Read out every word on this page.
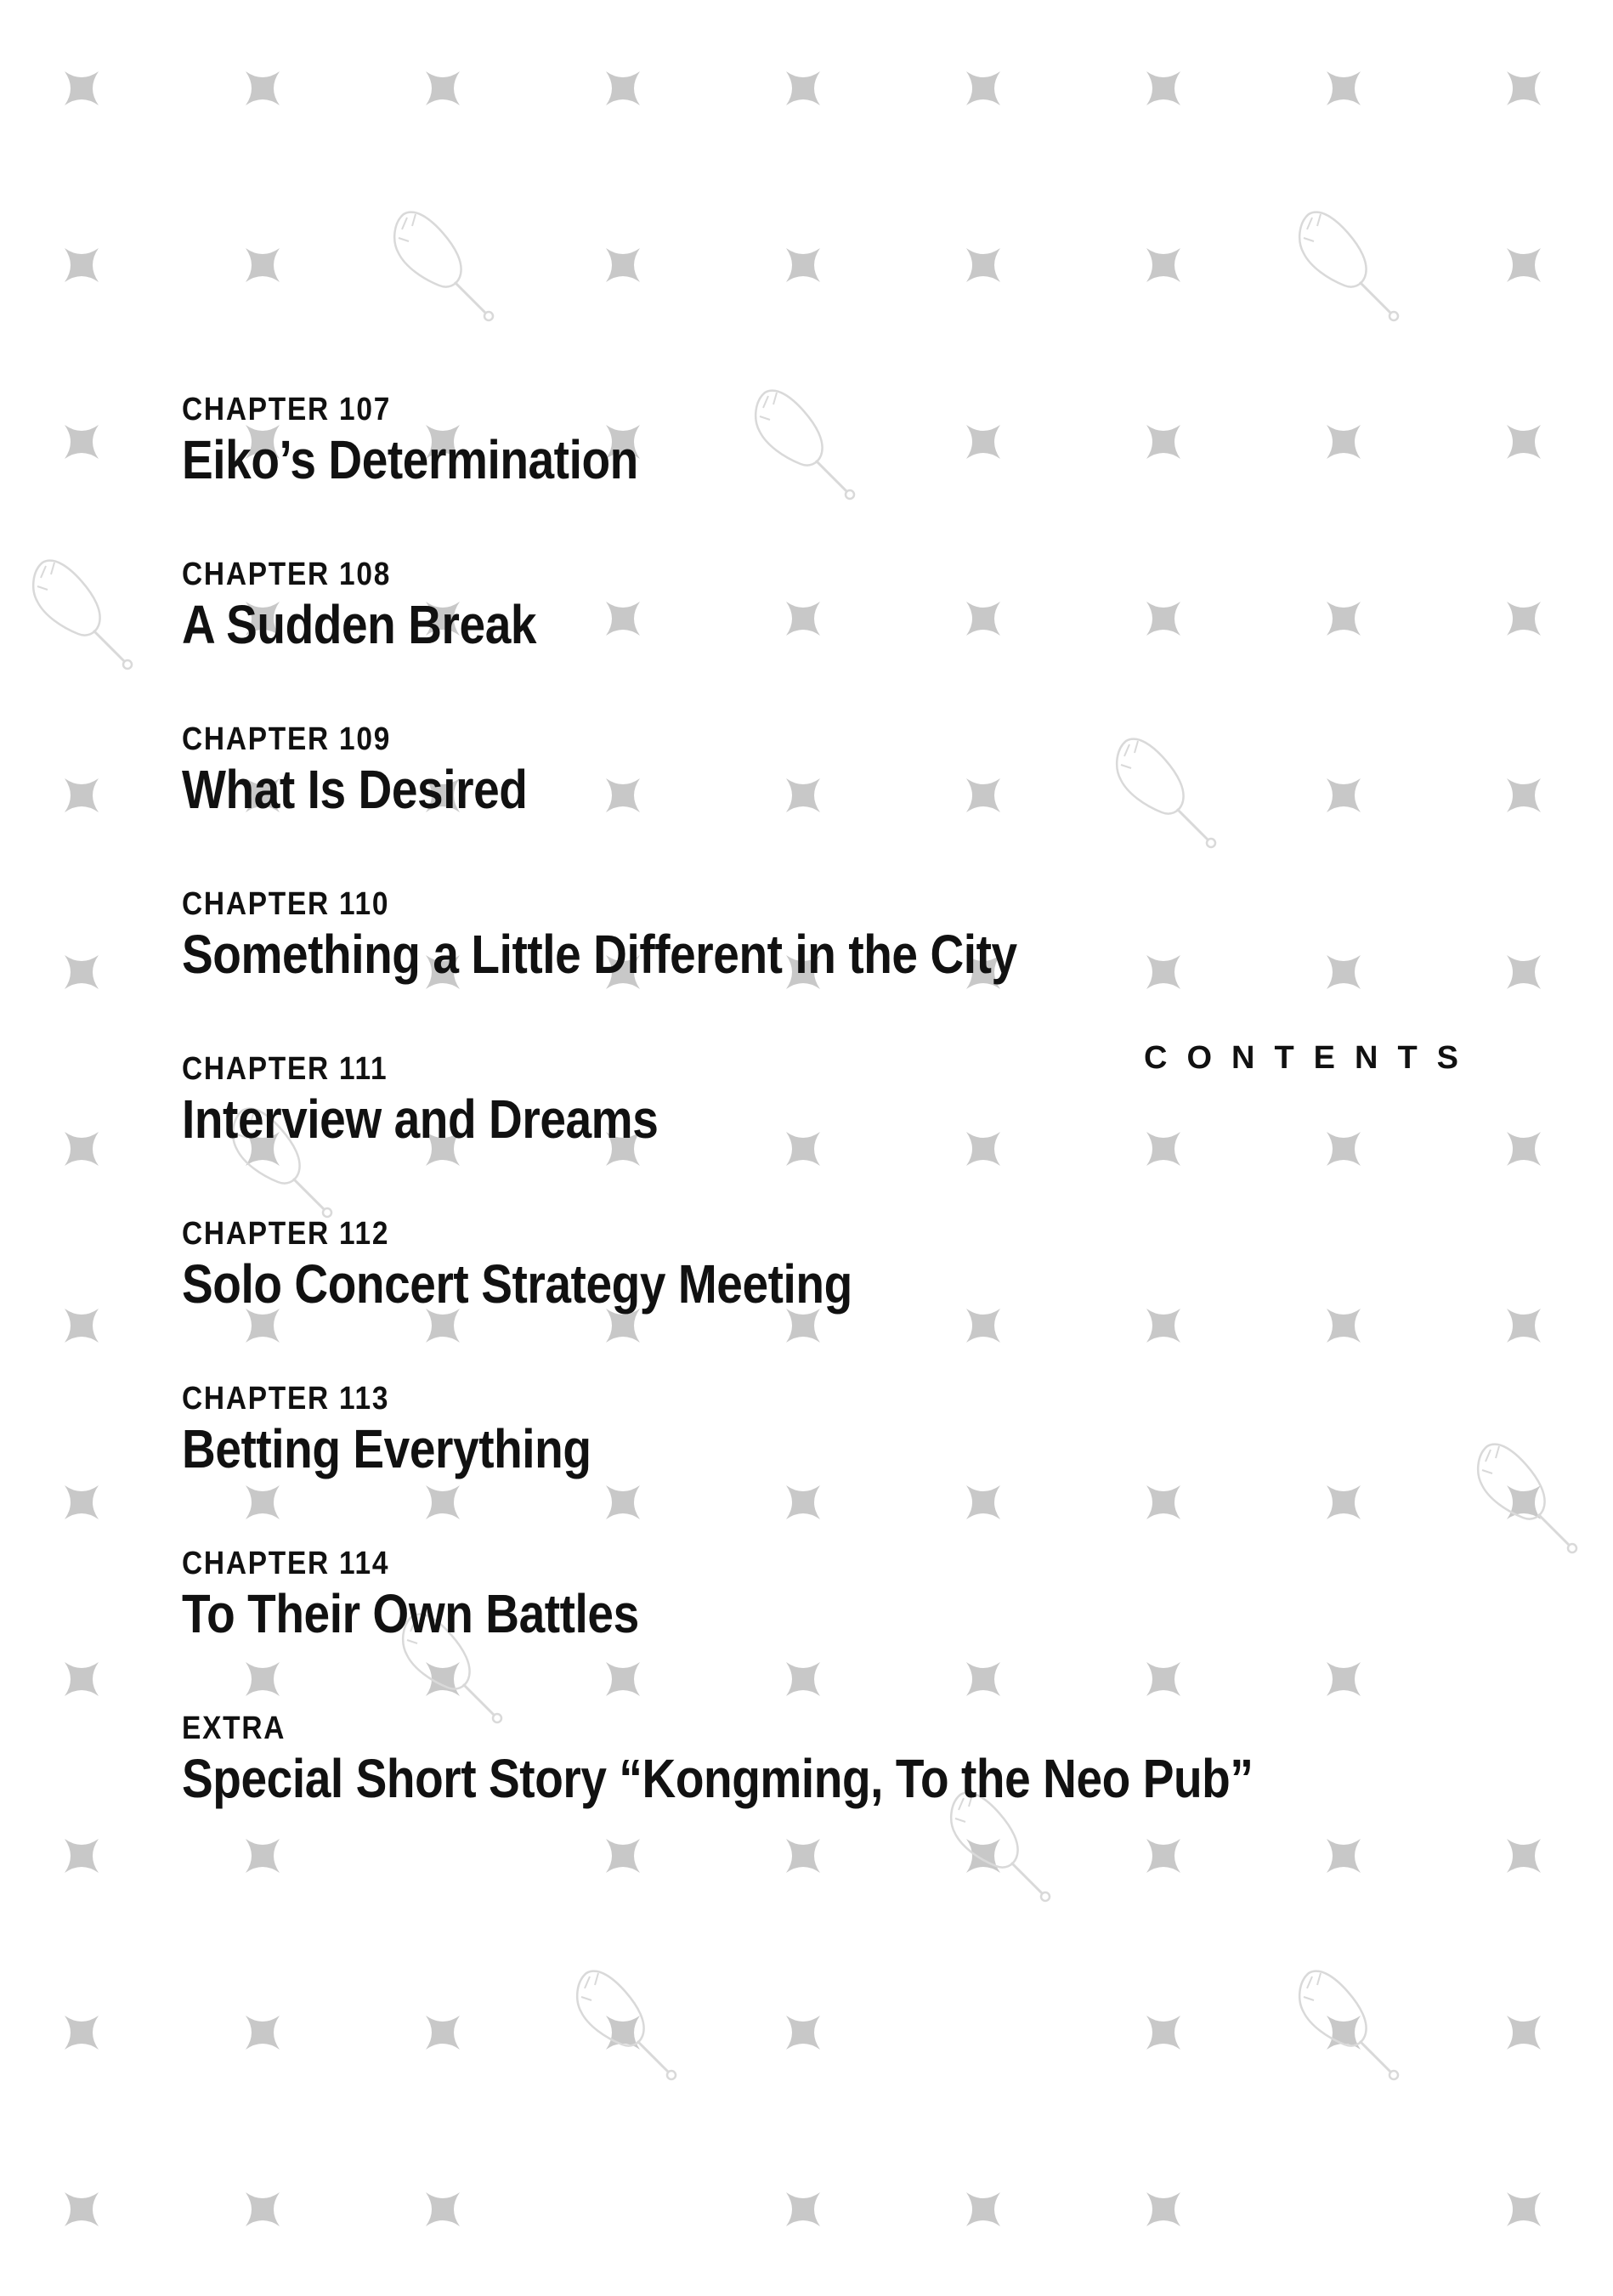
CHAPTER 107
Eiko’s Determination
CHAPTER 108
A Sudden Break
CHAPTER 109
What Is Desired
CHAPTER 110
Something a Little Different in the City
CHAPTER 111
Interview and Dreams
CHAPTER 112
Solo Concert Strategy Meeting
CHAPTER 113
Betting Everything
CHAPTER 114
To Their Own Battles
EXTRA
Special Short Story “Kongming, To the Neo Pub”
CONTENTS
